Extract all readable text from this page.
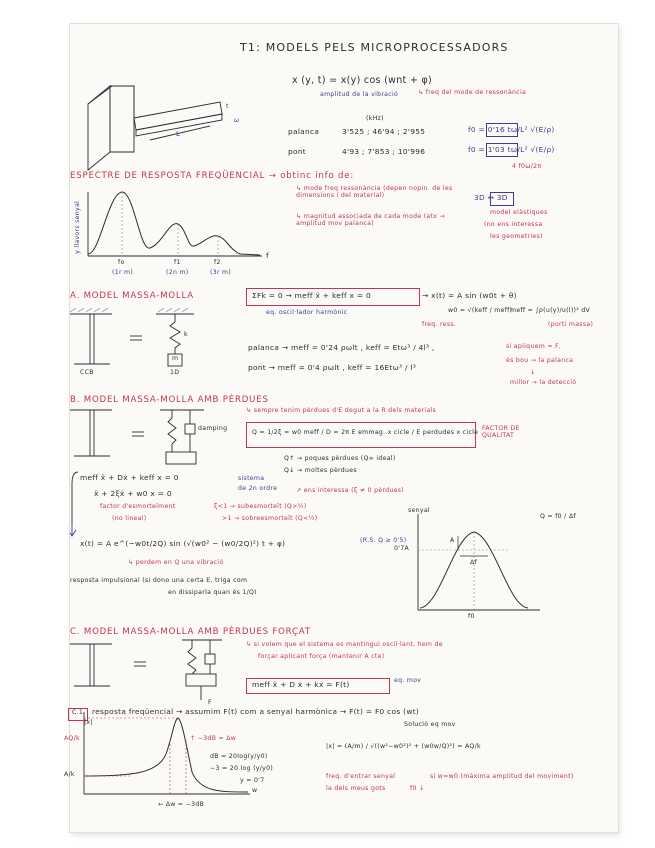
T1: MODELS PELS MICROPROCESSADORS
x (y, t) = x(y) cos (wnt + φ)
amplitud de la vibració	↳ freq del mode de ressonància
L
t
ω	(kHz)
palanca	3'525 ; 46'94 ; 2'955	f0 = 0'16 tω/L² √(E/ρ)
pont	4'93 ; 7'853 ; 10'996	f0 = 1'03 tω/L² √(E/ρ)
4 f0ω/2π
ESPECTRE DE RESPOSTA FREQÜENCIAL → obtinc info de:
y llavors senyal
f
fo	f1	f2
(1r m)	(2n m)	(3r m)
↳ mode freq ressonància (depen nopin. de les dimensions i del material)
↳ magnitud associada de cada mode (atx → amplitud mov palanca)
3D ↔ 3D
model elàstiques
(no ens interessa
les geometries)
A. MODEL MASSA-MOLLA	ΣFk = 0 → meff ẍ + keff x = 0
eq. oscil·lador harmònic
→ x(t) = A sin (w0t + θ)
w0 = √(keff / meff)
meff = ∫ρ(u(y)/u(l))² dV
freq. ress.	(porti massa)
CCB	1D
k
m
palanca → meff = 0'24 ρωlt , keff = Etω³ / 4l³ ,
pont → meff = 0'4 ρωlt , keff = 16Etω³ / l³
si apliquem = F,
és bou → la palanca
↓
millor → la detecció
B. MODEL MASSA-MOLLA AMB PÈRDUES
↳ sempre tenim pèrdues d'E degut a la R dels materials
damping
Q = 1/2ξ = w0 meff / D = 2π E emmag. x cicle / E perdudes x cicle
FACTOR DE QUALITAT
Q↑ → poques pèrdues (Q∞ ideal)
Q↓ → moltes pèrdues
meff ẍ + Dẋ + keff x = 0	sistema
ẍ + 2ξẋ + w0 x = 0
de 2n ordre
factor d'esmorteïment
(no lineal)
ξ<1 → subesmorteït (Q>½)
>1 → sobreesmorteït (Q<½)
↗ ens interessa (ξ ≠ 0 pèrdues)
x(t) = A e^(−w0t/2Q) sin (√(w0² − (w0/2Q)²) t + φ)	(R.S. Q ≥ 0'5)
↳ perdem en Q una vibració
resposta impulsional (si dono una certa E, triga com
en dissiparla quan és 1/Q)
senyal
0'7A
A
Δf
f0
Q = f0 / Δf
C. MODEL MASSA-MOLLA AMB PÈRDUES FORÇAT
↳ si volem que el sistema es mantingui oscil·lant, hem de
forçar aplicant força (mantenir A cte)
meff ẍ + D ẋ + kx = F(t)	eq. mov
F
C.1 resposta freqüencial → assumim F(t) com a senyal harmònica → F(t) = F0 cos (wt)
|x|
AQ/k
A/k
↑ −3dB = Δw
w
← Δw = −3dB
dB = 20log(y/y0)
−3 = 20 log (y/y0)
y = 0'7
Solució eq mov
|x| = (A/m) / √((w²−w0²)² + (w0w/Q)²) = AQ/k
freq. d'entrar senyal
la dels meus gots	f0 ↓
si w=w0 (màxima amplitud del moviment)
